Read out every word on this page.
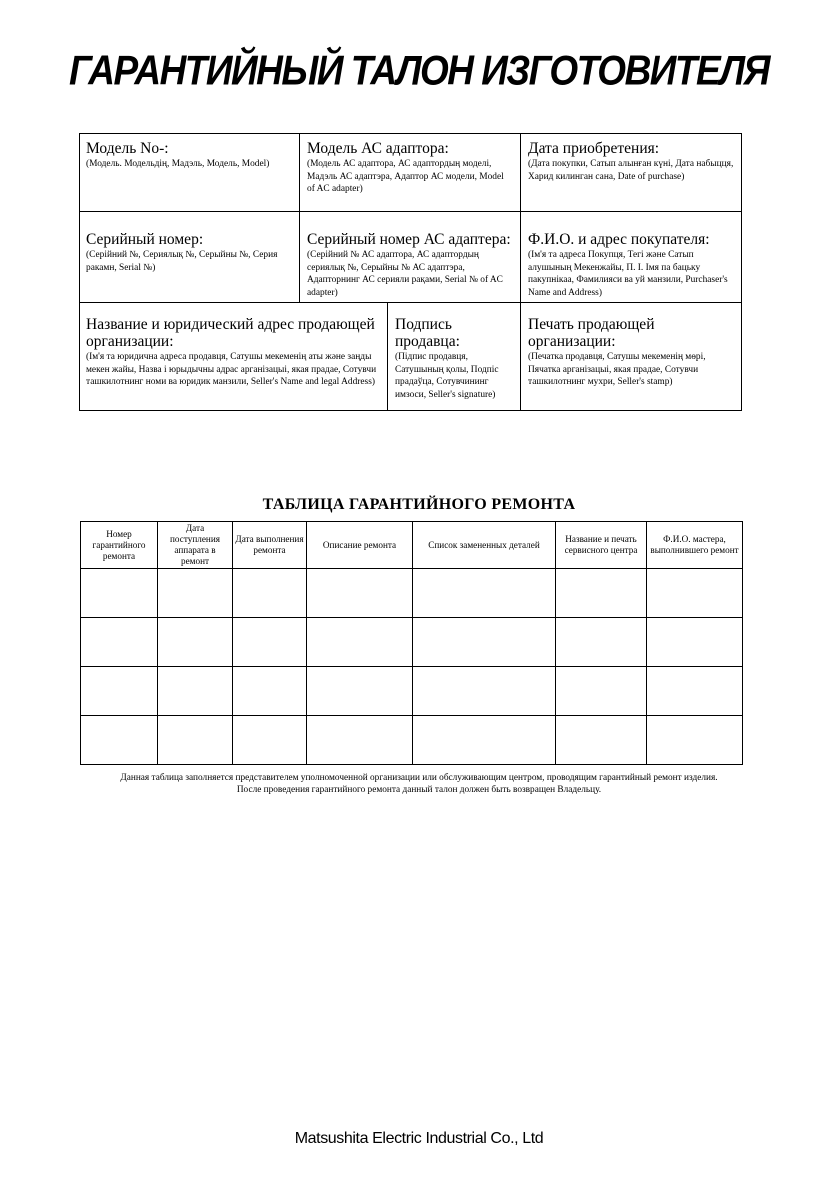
ГАРАНТИЙНЫЙ ТАЛОН ИЗГОТОВИТЕЛЯ
Модель No-:
(Модель. Модельдің, Мадэль, Модель, Model)
Модель АС адаптора:
(Модель АС адаптора, АС адаптордың моделі, Мадэль АС адаптэра, Адаптор АС модели, Model of AC adapter)
Дата приобретения:
(Дата покупки, Сатып алынған күні, Дата набыцця, Харид килинган сана, Date of purchase)
Серийный номер:
(Серійний №, Сериялық №, Серыйны №, Серия ракамн, Serial №)
Серийный номер АС адаптера:
(Серійний № АС адаптора, АС адаптордың сериялық №, Серыйны № АС адаптэра, Адапторнинг АС серияли рақами, Serial № of AC adapter)
Ф.И.О. и адрес покупателя:
(Ім'я та адреса Покупця, Тегі және Сатып алушының Мекенжайы, П. І. Імя па бацьку пакупнікаа, Фамилияси ва уй манзили, Purchaser's Name and Address)
Название и юридический адрес продающей организации:
(Ім'я та юридична адреса продавця, Сатушы мекеменің аты және заңды мекен жайы, Назва і юрыдычны адрас арганізацыі, якая прадае, Сотувчи ташкилотнинг номи ва юридик манзили, Seller's Name and legal Address)
Подпись продавца:
(Підпис продавця, Сатушының қолы, Подпіс прадаўца, Сотувчининг имзоси, Seller's signature)
Печать продающей организации:
(Печатка продавця, Сатушы мекеменің мөрі, Пячатка арганізацыі, якая прадае, Сотувчи ташкилотнинг мухри, Seller's stamp)
ТАБЛИЦА ГАРАНТИЙНОГО РЕМОНТА
Номер гарантийного ремонта	Дата поступления аппарата в ремонт	Дата выполнения ремонта	Описание ремонта	Список замененных деталей	Название и печать сервисного центра	Ф.И.О. мастера, выполнившего ремонт

Данная таблица заполняется представителем уполномоченной организации или обслуживающим центром, проводящим гарантийный ремонт изделия.
После проведения гарантийного ремонта данный талон должен быть возвращен Владельцу.
Matsushita Electric Industrial Co., Ltd
